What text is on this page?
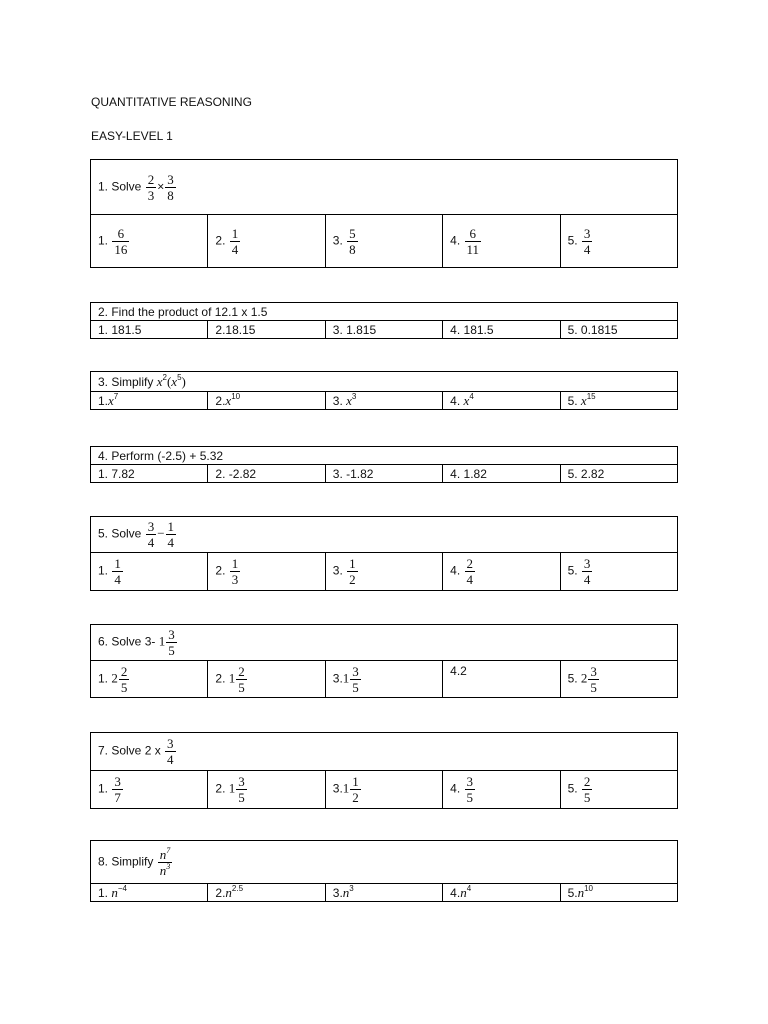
QUANTITATIVE REASONING
EASY-LEVEL 1
1. Solve $\frac{2}{3} \times \frac{3}{8}$

1. $\frac{6}{16}$	2. $\frac{1}{4}$	3. $\frac{5}{8}$	4. $\frac{6}{11}$	5. $\frac{3}{4}$
2. Find the product of 12.1 x 1.5
1. 181.5	2.18.15	3. 1.815	4. 181.5	5. 0.1815
3. Simplify $x^2(x^5)$
$1.x^7$	$2.x^{10}$	3. $x^3$	4. $x^4$	5. $x^{15}$
4. Perform (-2.5) + 5.32
1. 7.82	2. -2.82	3. -1.82	4. 1.82	5. 2.82
5. Solve $\frac{3}{4} - \frac{1}{4}$

1. $\frac{1}{4}$	2. $\frac{1}{3}$	3. $\frac{1}{2}$	4. $\frac{2}{4}$	5. $\frac{3}{4}$
6. Solve 3- $1 \frac{3}{5}$

1. $2 \frac{2}{5}$	2. $1 \frac{2}{5}$	$3.1 \frac{3}{5}$	4.2	5. $2 \frac{3}{5}$
7. Solve 2 x $\frac{3}{4}$

1. $\frac{3}{7}$	2. $1 \frac{3}{5}$	$3.1 \frac{1}{2}$	4. $\frac{3}{5}$	5. $\frac{2}{5}$
8. Simplify $\frac{n^7}{n^3}$

1. $n^{-4}$	$2.n^{2.5}$	$3.n^3$	$4.n^4$	$5.n^{10}$
